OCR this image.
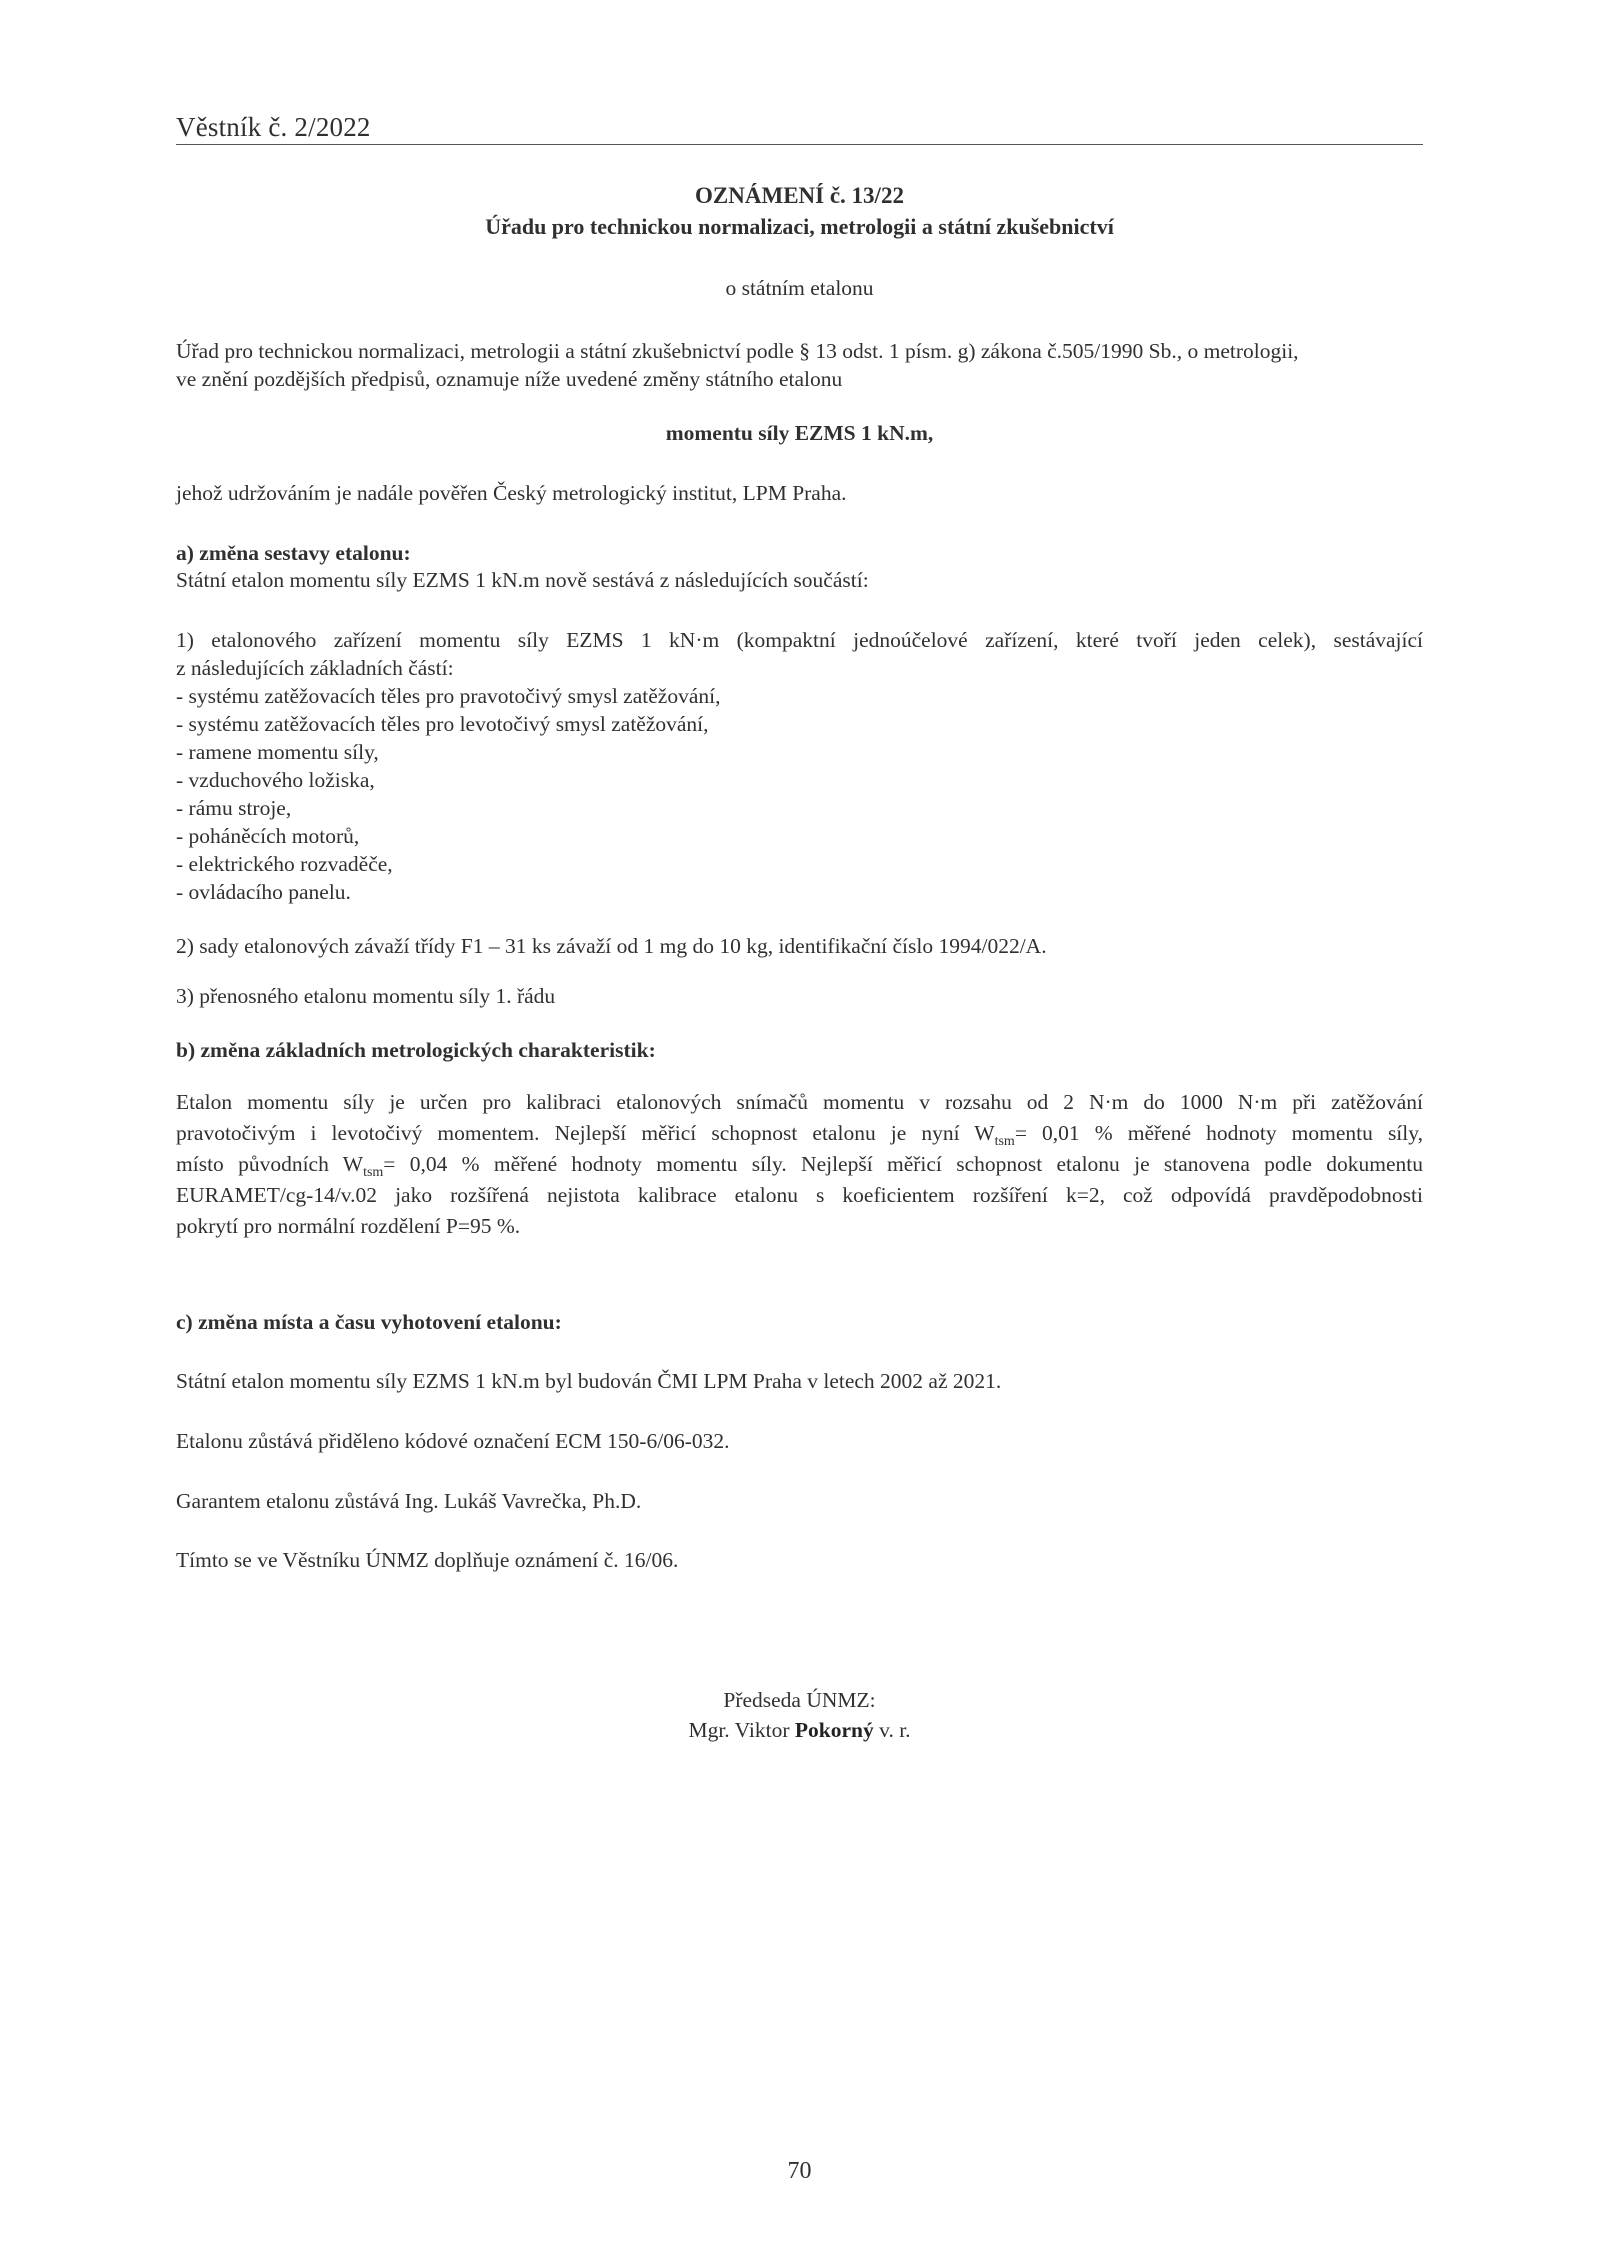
Věstník č. 2/2022
OZNÁMENÍ č. 13/22
Úřadu pro technickou normalizaci, metrologii a státní zkušebnictví
o státním etalonu
Úřad pro technickou normalizaci, metrologii a státní zkušebnictví podle § 13 odst. 1 písm. g) zákona č.505/1990 Sb., o metrologii,
ve znění pozdějších předpisů, oznamuje níže uvedené změny státního etalonu
momentu síly EZMS 1 kN.m,
jehož udržováním je nadále pověřen Český metrologický institut, LPM Praha.
a) změna sestavy etalonu:
Státní etalon momentu síly EZMS 1 kN.m nově sestává z následujících součástí:
1) etalonového zařízení momentu síly EZMS 1 kN·m (kompaktní jednoúčelové zařízení, které tvoří jeden celek), sestávající
z následujících základních částí:
- systému zatěžovacích těles pro pravotočivý smysl zatěžování,
- systému zatěžovacích těles pro levotočivý smysl zatěžování,
- ramene momentu síly,
- vzduchového ložiska,
- rámu stroje,
- poháněcích motorů,
- elektrického rozvaděče,
- ovládacího panelu.
2) sady etalonových závaží třídy F1 – 31 ks závaží od 1 mg do 10 kg, identifikační číslo 1994/022/A.
3) přenosného etalonu momentu síly 1. řádu
b) změna základních metrologických charakteristik:
Etalon momentu síly je určen pro kalibraci etalonových snímačů momentu v rozsahu od 2 N·m do 1000 N·m při zatěžování
pravotočivým i levotočivý momentem. Nejlepší měřicí schopnost etalonu je nyní $W_{tsm}= 0,01$ % měřené hodnoty momentu síly,
místo původních $W_{tsm}= 0,04$ % měřené hodnoty momentu síly. Nejlepší měřicí schopnost etalonu je stanovena podle dokumentu
EURAMET/cg-14/v.02 jako rozšířená nejistota kalibrace etalonu s koeficientem rozšíření k=2, což odpovídá pravděpodobnosti
pokrytí pro normální rozdělení P=95 %.
c) změna místa a času vyhotovení etalonu:
Státní etalon momentu síly EZMS 1 kN.m byl budován ČMI LPM Praha v letech 2002 až 2021.
Etalonu zůstává přiděleno kódové označení ECM 150-6/06-032.
Garantem etalonu zůstává Ing. Lukáš Vavrečka, Ph.D.
Tímto se ve Věstníku ÚNMZ doplňuje oznámení č. 16/06.
Předseda ÚNMZ:
Mgr. Viktor Pokorný v. r.
70
